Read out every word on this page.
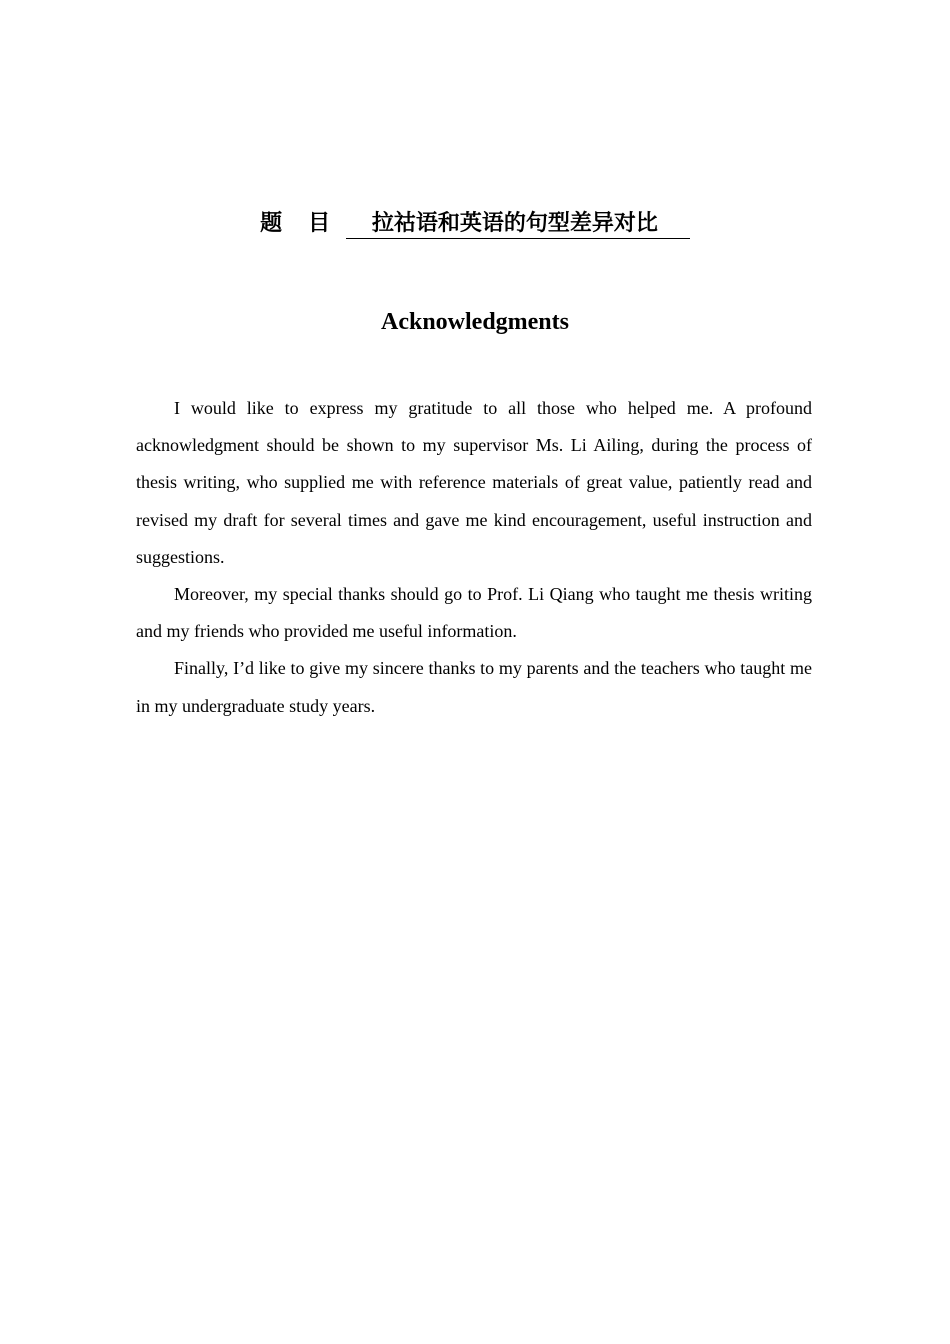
题目 拉祜语和英语的句型差异对比
Acknowledgments

I would like to express my gratitude to all those who helped me. A profound acknowledgment should be shown to my supervisor Ms. Li Ailing, during the process of thesis writing, who supplied me with reference materials of great value, patiently read and revised my draft for several times and gave me kind encouragement, useful instruction and suggestions.

Moreover, my special thanks should go to Prof. Li Qiang who taught me thesis writing and my friends who provided me useful information.

Finally, I’d like to give my sincere thanks to my parents and the teachers who taught me in my undergraduate study years.
